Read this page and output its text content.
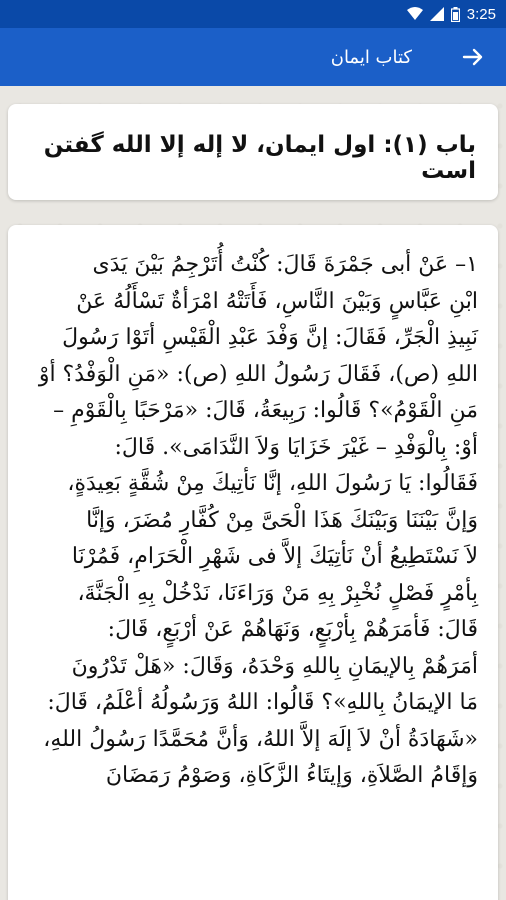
3:25
کتاب ایمان
باب (۱): اول ایمان، لا إله إلا الله گفتن است

١– عَنْ أبى جَمْرَةَ قَالَ: كُنْتُ أُتَرْجِمُ بَيْنَ يَدَى

ابْنِ عَبَّاسٍ وَبَيْنَ النَّاسِ، فَأَتَتْهُ امْرَأةٌ تَسْأَلُهُ عَنْ

نَبِيذِ الْجَرِّ، فَقَالَ: إنَّ وَفْدَ عَبْدِ الْقَيْسِ أتَوْا رَسُولَ

اللهِ (ص)، فَقَالَ رَسُولُ اللهِ (ص): «مَنِ الْوَفْدُ؟ أوْ

مَنِ الْقَوْمُ»؟ قَالُوا: رَبِيعَةُ، قَالَ: «مَرْحَبًا بِالْقَوْمِ –

أوْ: بِالْوَفْدِ – غَيْرَ خَزَايَا وَلاَ النَّدَامَى». قَالَ:

فَقَالُوا: يَا رَسُولَ اللهِ، إنَّا نَأتِيكَ مِنْ شُقَّةٍ بَعِيدَةٍ،

وَإنَّ بَيْنَنَا وَبَيْنَكَ هَذَا الْحَىَّ مِنْ كُفَّارِ مُضَرَ، وَإنَّا

لاَ نَسْتَطِيعُ أنْ نَأتِيَكَ إلاَّ فى شَهْرِ الْحَرَامِ، فَمُرْنَا

بِأمْرٍ فَصْلٍ نُخْبِرْ بِهِ مَنْ وَرَاءَنَا، نَدْخُلْ بِهِ الْجَنَّةَ،

قَالَ: فَأمَرَهُمْ بِأرْبَعٍ، وَنَهَاهُمْ عَنْ أرْبَعٍ، قَالَ:

أمَرَهُمْ بِالإيمَانِ بِاللهِ وَحْدَهُ، وَقَالَ: «هَلْ تَدْرُونَ

مَا الإيمَانُ بِاللهِ»؟ قَالُوا: اللهُ وَرَسُولُهُ أعْلَمُ، قَالَ:

«شَهَادَةُ أنْ لاَ إلَهَ إلاَّ اللهُ، وَأنَّ مُحَمَّدًا رَسُولُ اللهِ،

وَإقَامُ الصَّلاَةِ، وَإيتَاءُ الزَّكَاةِ، وَصَوْمُ رَمَضَانَ
